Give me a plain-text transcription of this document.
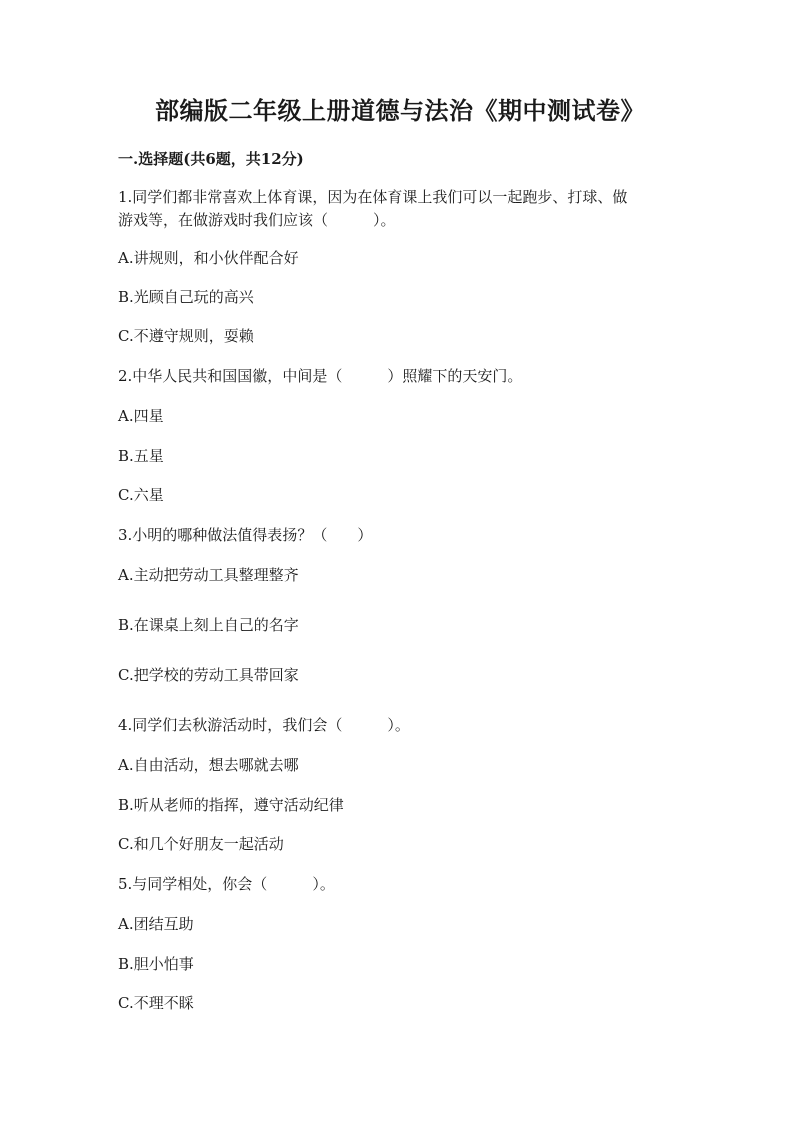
部编版二年级上册道德与法治《期中测试卷》
一.选择题(共6题，共12分)

1.同学们都非常喜欢上体育课，因为在体育课上我们可以一起跑步、打球、做

游戏等，在做游戏时我们应该（　　　）。

A.讲规则，和小伙伴配合好

B.光顾自己玩的高兴

C.不遵守规则，耍赖

2.中华人民共和国国徽，中间是（　　　）照耀下的天安门。

A.四星

B.五星

C.六星

3.小明的哪种做法值得表扬？（　　）

A.主动把劳动工具整理整齐

B.在课桌上刻上自己的名字

C.把学校的劳动工具带回家

4.同学们去秋游活动时，我们会（　　　）。

A.自由活动，想去哪就去哪

B.听从老师的指挥，遵守活动纪律

C.和几个好朋友一起活动

5.与同学相处，你会（　　　）。

A.团结互助

B.胆小怕事

C.不理不睬
